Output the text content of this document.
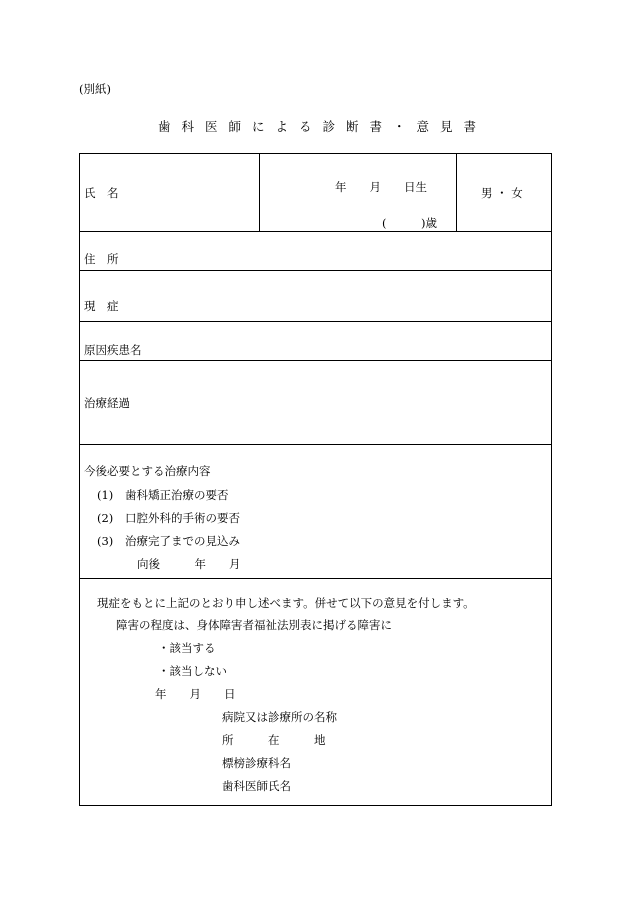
(別紙)
歯科医師による診断書・意見書
氏　名	年　　月　　日生
(　　　)歳
男 ・ 女
住　所
現　症
原因疾患名
治療経過
今後必要とする治療内容
(1) 歯科矯正治療の要否
(2) 口腔外科的手術の要否
(3) 治療完了までの見込み
向後　　　年　　月
現症をもとに上記のとおり申し述べます。併せて以下の意見を付します。
障害の程度は、身体障害者福祉法別表に掲げる障害に
・該当する
・該当しない
年　　月　　日
病院又は診療所の名称
所　　　在　　　地
標榜診療科名
歯科医師氏名
